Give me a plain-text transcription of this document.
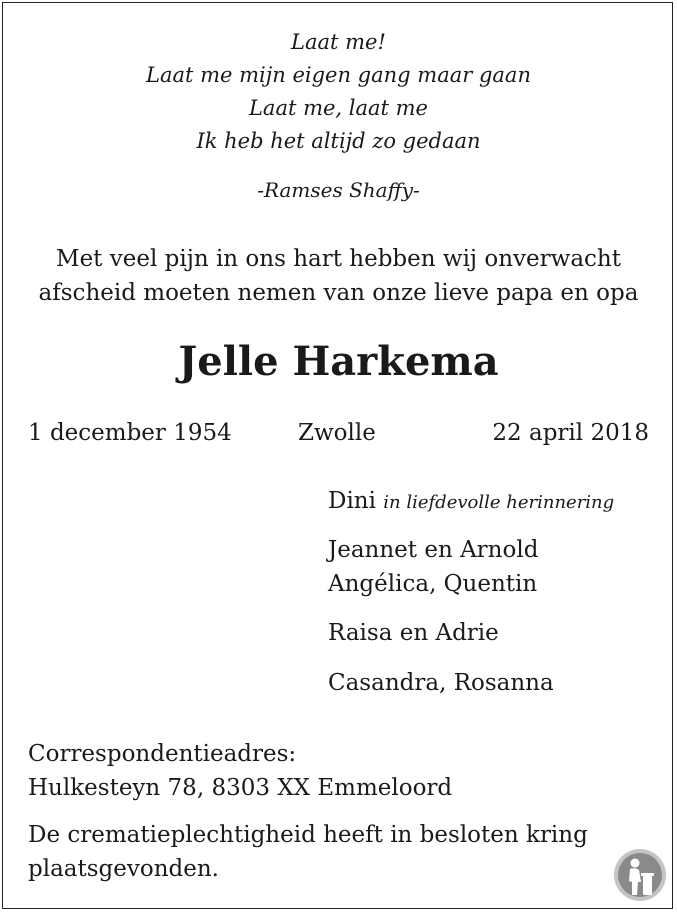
Laat me!
Laat me mijn eigen gang maar gaan
Laat me, laat me
Ik heb het altijd zo gedaan
-Ramses Shaffy-
Met veel pijn in ons hart hebben wij onverwacht
afscheid moeten nemen van onze lieve papa en opa
Jelle Harkema
1 december 1954	Zwolle	22 april 2018
Dini in liefdevolle herinnering
Jeannet en Arnold
Angélica, Quentin
Raisa en Adrie
Casandra, Rosanna
Correspondentieadres:
Hulkesteyn 78, 8303 XX Emmeloord
De crematieplechtigheid heeft in besloten kring
plaatsgevonden.
